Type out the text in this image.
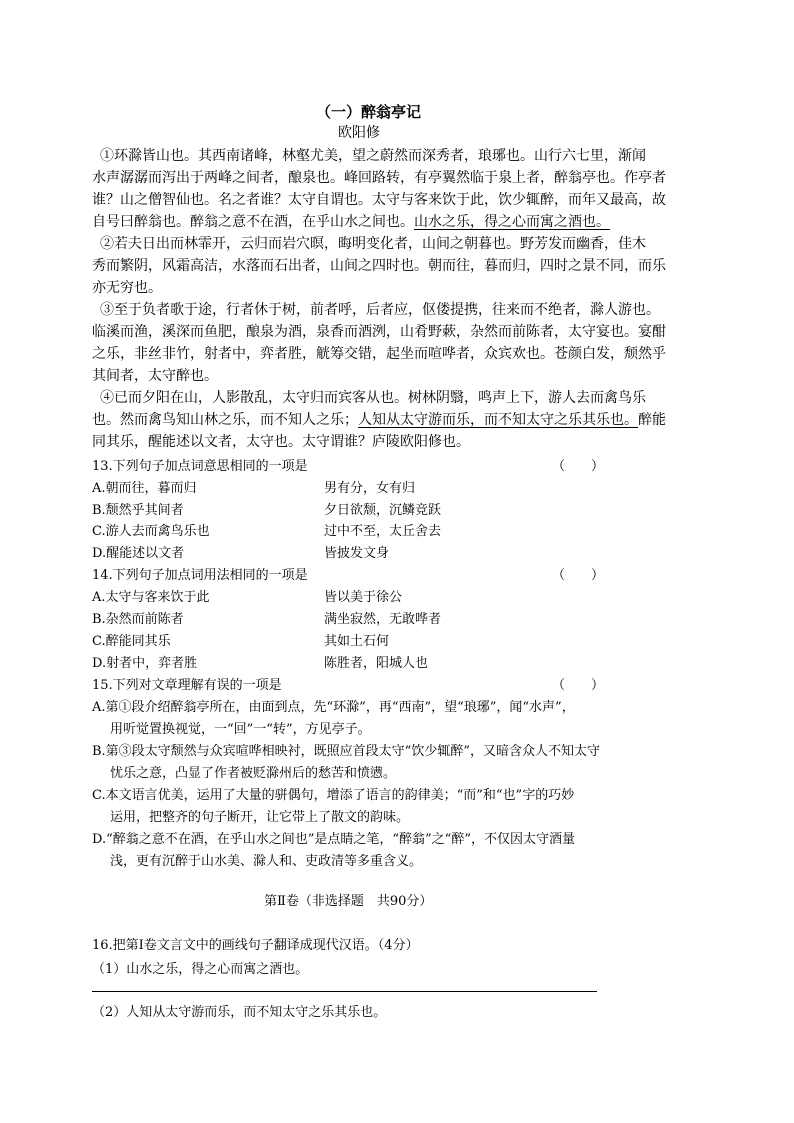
（一）醉翁亭记
欧阳修
①环滁皆山也。其西南诸峰，林壑尤美，望之蔚然而深秀者，琅琊也。山行六七里，渐闻
水声潺潺而泻出于两峰之间者，酿泉也。峰回路转，有亭翼然临于泉上者，醉翁亭也。作亭者
谁？山之僧智仙也。名之者谁？太守自谓也。太守与客来饮于此，饮少辄醉，而年又最高，故
自号曰醉翁也。醉翁之意不在酒，在乎山水之间也。山水之乐，得之心而寓之酒也。
②若夫日出而林霏开，云归而岩穴暝，晦明变化者，山间之朝暮也。野芳发而幽香，佳木
秀而繁阴，风霜高洁，水落而石出者，山间之四时也。朝而往，暮而归，四时之景不同，而乐
亦无穷也。
③至于负者歌于途，行者休于树，前者呼，后者应，伛偻提携，往来而不绝者，滁人游也。
临溪而渔，溪深而鱼肥，酿泉为酒，泉香而酒洌，山肴野蔌，杂然而前陈者，太守宴也。宴酣
之乐，非丝非竹，射者中，弈者胜，觥筹交错，起坐而喧哗者，众宾欢也。苍颜白发，颓然乎
其间者，太守醉也。
④已而夕阳在山，人影散乱，太守归而宾客从也。树林阴翳，鸣声上下，游人去而禽鸟乐
也。然而禽鸟知山林之乐，而不知人之乐；人知从太守游而乐，而不知太守之乐其乐也。醉能
同其乐，醒能述以文者，太守也。太守谓谁？庐陵欧阳修也。
13.下列句子加点词意思相同的一项是	（　　）
A.朝而往，暮而归	男有分，女有归
B.颓然乎其间者	夕日欲颓，沉鳞竞跃
C.游人去而禽鸟乐也	过中不至，太丘舍去
D.醒能述以文者	皆披发文身
14.下列句子加点词用法相同的一项是	（　　）
A.太守与客来饮于此	皆以美于徐公
B.杂然而前陈者	满坐寂然，无敢哗者
C.醉能同其乐	其如土石何
D.射者中，弈者胜	陈胜者，阳城人也
15.下列对文章理解有误的一项是	（　　）
A.第①段介绍醉翁亭所在，由面到点，先“环滁”，再“西南”，望“琅琊”，闻“水声”，
用听觉置换视觉，一“回”一“转”，方见亭子。
B.第③段太守颓然与众宾喧哗相映衬，既照应首段太守“饮少辄醉”，又暗含众人不知太守
忧乐之意，凸显了作者被贬滁州后的愁苦和愤懑。
C.本文语言优美，运用了大量的骈偶句，增添了语言的韵律美；“而”和“也”字的巧妙
运用，把整齐的句子断开，让它带上了散文的韵味。
D.“醉翁之意不在酒，在乎山水之间也”是点睛之笔，“醉翁”之“醉”，不仅因太守酒量
浅，更有沉醉于山水美、滁人和、吏政清等多重含义。
第Ⅱ卷（非选择题　共90分）
16.把第Ⅰ卷文言文中的画线句子翻译成现代汉语。（4分）
（1）山水之乐，得之心而寓之酒也。
（2）人知从太守游而乐，而不知太守之乐其乐也。
